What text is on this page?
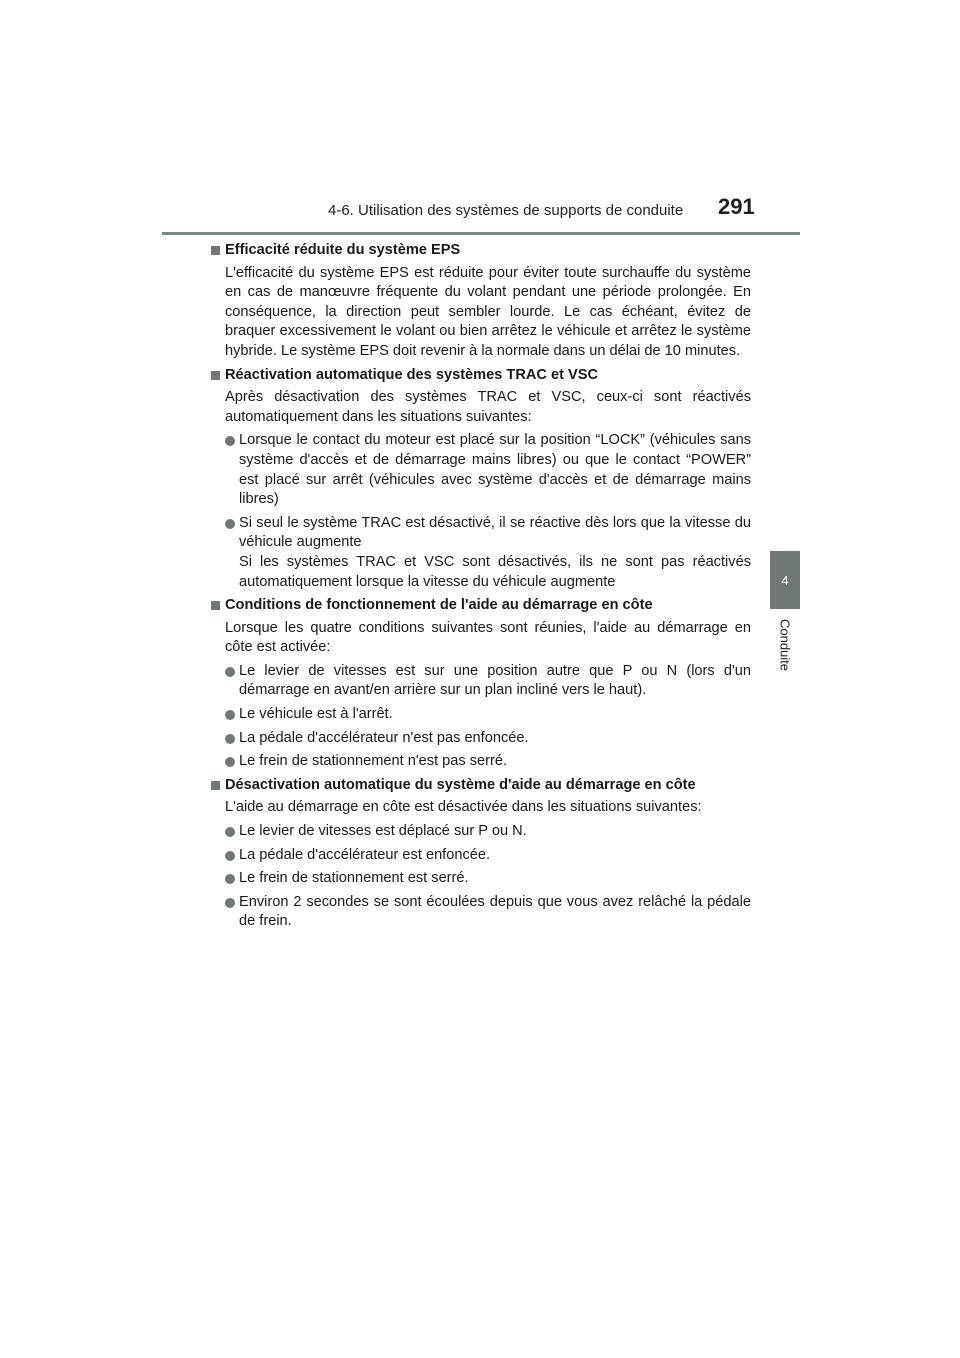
4-6. Utilisation des systèmes de supports de conduite 291
4
Conduite
Efficacité réduite du système EPS
L'efficacité du système EPS est réduite pour éviter toute surchauffe du système en cas de manœuvre fréquente du volant pendant une période prolongée. En conséquence, la direction peut sembler lourde. Le cas échéant, évitez de braquer excessivement le volant ou bien arrêtez le véhicule et arrêtez le système hybride. Le système EPS doit revenir à la normale dans un délai de 10 minutes.
Réactivation automatique des systèmes TRAC et VSC
Après désactivation des systèmes TRAC et VSC, ceux-ci sont réactivés automatiquement dans les situations suivantes:
Lorsque le contact du moteur est placé sur la position “LOCK” (véhicules sans système d'accès et de démarrage mains libres) ou que le contact “POWER” est placé sur arrêt (véhicules avec système d'accès et de démarrage mains libres)
Si seul le système TRAC est désactivé, il se réactive dès lors que la vitesse du véhicule augmente
Si les systèmes TRAC et VSC sont désactivés, ils ne sont pas réactivés automatiquement lorsque la vitesse du véhicule augmente
Conditions de fonctionnement de l'aide au démarrage en côte
Lorsque les quatre conditions suivantes sont réunies, l'aide au démarrage en côte est activée:
Le levier de vitesses est sur une position autre que P ou N (lors d'un démarrage en avant/en arrière sur un plan incliné vers le haut).
Le véhicule est à l'arrêt.
La pédale d'accélérateur n'est pas enfoncée.
Le frein de stationnement n'est pas serré.
Désactivation automatique du système d'aide au démarrage en côte
L'aide au démarrage en côte est désactivée dans les situations suivantes:
Le levier de vitesses est déplacé sur P ou N.
La pédale d'accélérateur est enfoncée.
Le frein de stationnement est serré.
Environ 2 secondes se sont écoulées depuis que vous avez relâché la pédale de frein.
